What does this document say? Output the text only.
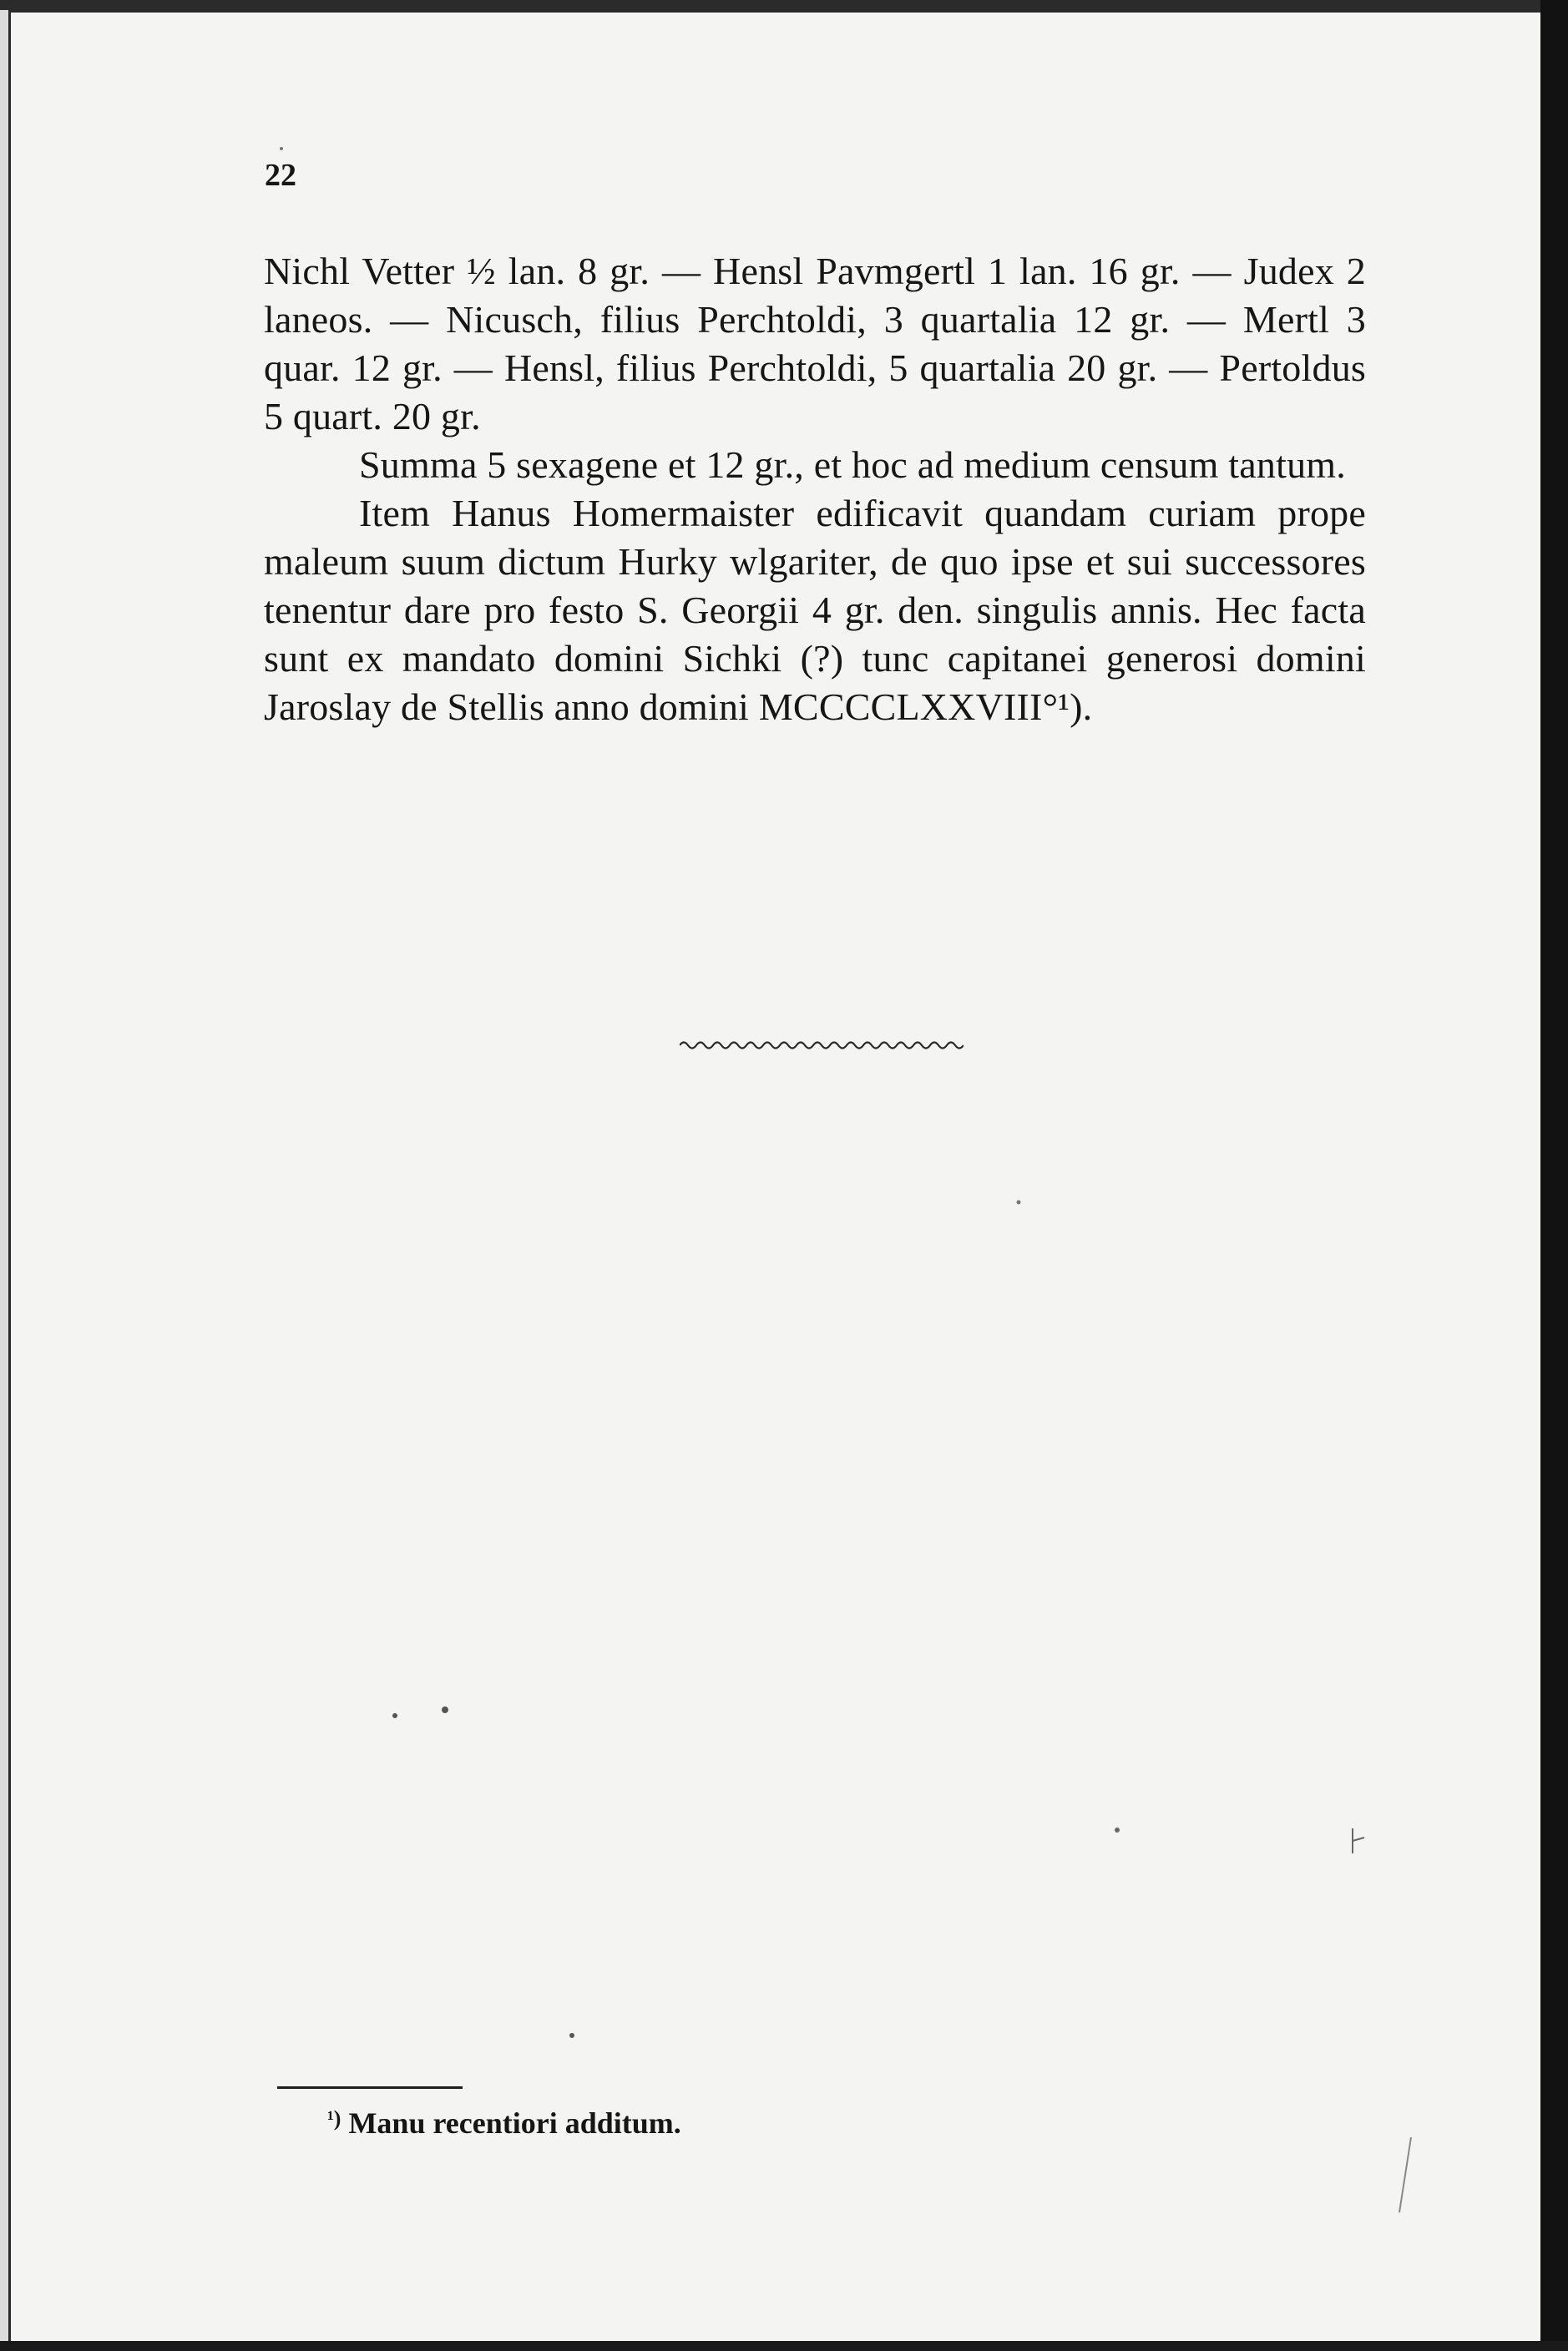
22

Nichl Vetter ½ lan. 8 gr. — Hensl Pavmgertl 1 lan. 16 gr. — Judex 2 laneos. — Nicusch, filius Perchtoldi, 3 quartalia 12 gr. — Mertl 3 quar. 12 gr. — Hensl, filius Perchtoldi, 5 quartalia 20 gr. — Pertoldus 5 quart. 20 gr.

Summa 5 sexagene et 12 gr., et hoc ad medium censum tantum.

Item Hanus Homermaister edificavit quandam curiam prope maleum suum dictum Hurky wlgariter, de quo ipse et sui successores tenentur dare pro festo S. Georgii 4 gr. den. singulis annis. Hec facta sunt ex mandato domini Sichki (?) tunc capitanei generosi domini Jaroslay de Stellis anno domini MCCCCLXXVIII°¹).

$^{^1)}$ Manu recentiori additum.
